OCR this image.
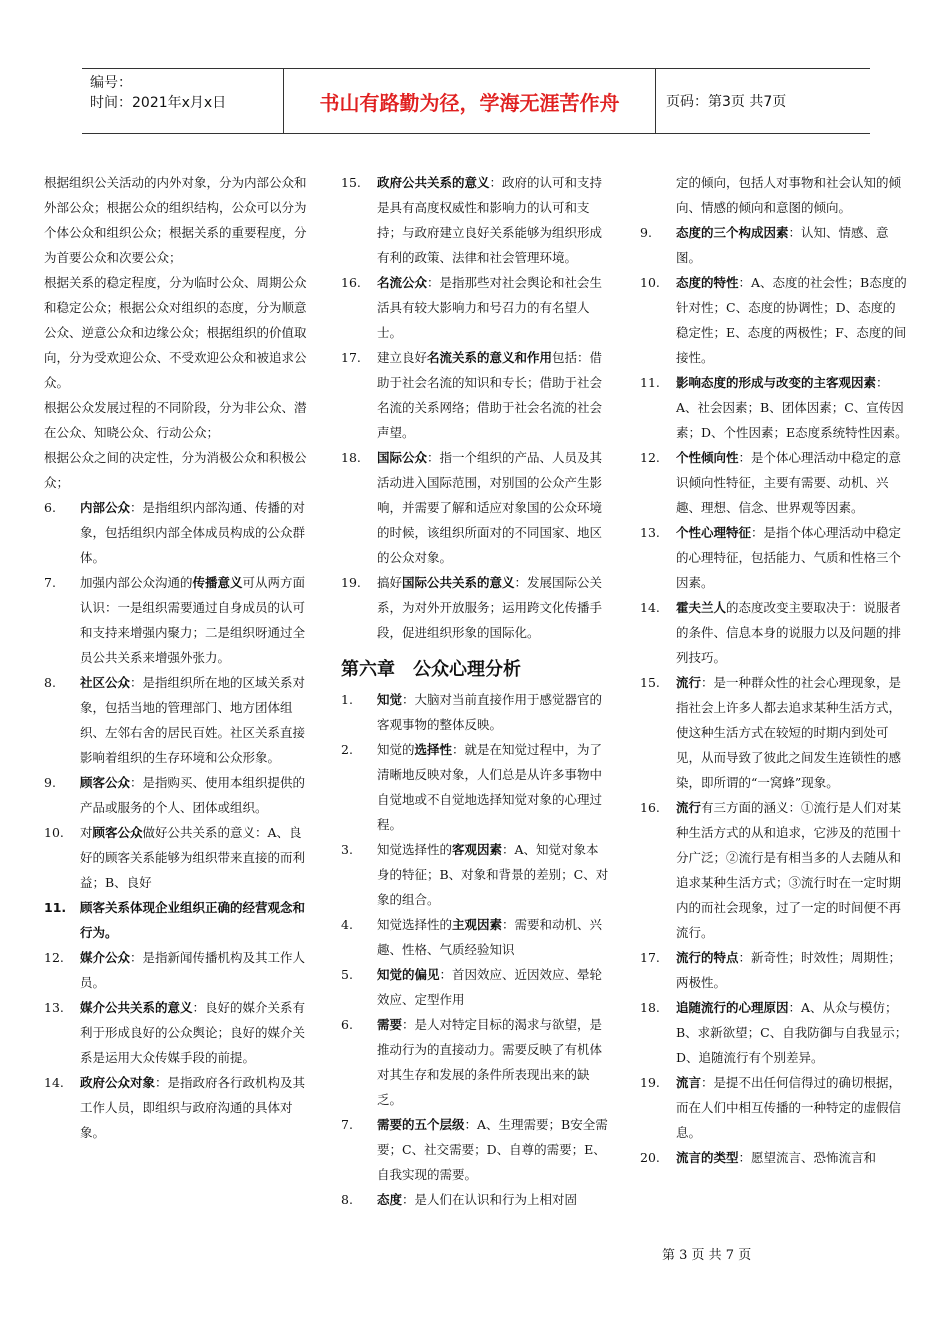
编号：
时间：2021年x月x日	书山有路勤为径，学海无涯苦作舟	页码：第3页 共7页

根据组织公关活动的内外对象，分为内部公众和外部公众；根据公众的组织结构，公众可以分为个体公众和组织公众；根据关系的重要程度，分为首要公众和次要公众；

根据关系的稳定程度，分为临时公众、周期公众和稳定公众；根据公众对组织的态度，分为顺意公众、逆意公众和边缘公众；根据组织的价值取向，分为受欢迎公众、不受欢迎公众和被追求公众。

根据公众发展过程的不同阶段，分为非公众、潜在公众、知晓公众、行动公众；

根据公众之间的决定性，分为消极公众和积极公众；

6.	内部公众：是指组织内部沟通、传播的对象，包括组织内部全体成员构成的公众群体。
7.	加强内部公众沟通的传播意义可从两方面认识：一是组织需要通过自身成员的认可和支持来增强内聚力；二是组织呀通过全员公共关系来增强外张力。
8.	社区公众：是指组织所在地的区域关系对象，包括当地的管理部门、地方团体组织、左邻右舍的居民百姓。社区关系直接影响着组织的生存环境和公众形象。
9.	顾客公众：是指购买、使用本组织提供的产品或服务的个人、团体或组织。
10.	对顾客公众做好公共关系的意义：A、良好的顾客关系能够为组织带来直接的而利益；B、良好
11.	顾客关系体现企业组织正确的经营观念和行为。
12.	媒介公众：是指新闻传播机构及其工作人员。
13.	媒介公共关系的意义：良好的媒介关系有利于形成良好的公众舆论；良好的媒介关系是运用大众传媒手段的前提。
14.	政府公众对象：是指政府各行政机构及其工作人员，即组织与政府沟通的具体对象。
15.	政府公共关系的意义：政府的认可和支持是具有高度权威性和影响力的认可和支持；与政府建立良好关系能够为组织形成有利的政策、法律和社会管理环境。
16.	名流公众：是指那些对社会舆论和社会生活具有较大影响力和号召力的有名望人士。
17.	建立良好名流关系的意义和作用包括：借助于社会名流的知识和专长；借助于社会名流的关系网络；借助于社会名流的社会声望。
18.	国际公众：指一个组织的产品、人员及其活动进入国际范围，对别国的公众产生影响，并需要了解和适应对象国的公众环境的时候，该组织所面对的不同国家、地区的公众对象。
19.	搞好国际公共关系的意义：发展国际公关系，为对外开放服务；运用跨文化传播手段，促进组织形象的国际化。
第六章　公众心理分析
1.	知觉：大脑对当前直接作用于感觉器官的客观事物的整体反映。
2.	知觉的选择性：就是在知觉过程中，为了清晰地反映对象，人们总是从许多事物中自觉地或不自觉地选择知觉对象的心理过程。
3.	知觉选择性的客观因素：A、知觉对象本身的特征；B、对象和背景的差别；C、对象的组合。
4.	知觉选择性的主观因素：需要和动机、兴趣、性格、气质经验知识
5.	知觉的偏见：首因效应、近因效应、晕轮效应、定型作用
6.	需要：是人对特定目标的渴求与欲望，是推动行为的直接动力。需要反映了有机体对其生存和发展的条件所表现出来的缺乏。
7.	需要的五个层级：A、生理需要；B安全需要；C、社交需要；D、自尊的需要；E、自我实现的需要。
8.	态度：是人们在认识和行为上相对固
定的倾向，包括人对事物和社会认知的倾向、情感的倾向和意图的倾向。
9.	态度的三个构成因素：认知、情感、意图。
10.	态度的特性：A、态度的社会性；B态度的针对性；C、态度的协调性；D、态度的稳定性；E、态度的两极性；F、态度的间接性。
11.	影响态度的形成与改变的主客观因素：A、社会因素；B、团体因素；C、宣传因素；D、个性因素；E态度系统特性因素。
12.	个性倾向性：是个体心理活动中稳定的意识倾向性特征，主要有需要、动机、兴趣、理想、信念、世界观等因素。
13.	个性心理特征：是指个体心理活动中稳定的心理特征，包括能力、气质和性格三个因素。
14.	霍夫兰人的态度改变主要取决于：说服者的条件、信息本身的说服力以及问题的排列技巧。
15.	流行：是一种群众性的社会心理现象，是指社会上许多人都去追求某种生活方式，使这种生活方式在较短的时期内到处可见，从而导致了彼此之间发生连锁性的感染，即所谓的“一窝蜂”现象。
16.	流行有三方面的涵义：①流行是人们对某种生活方式的从和追求，它涉及的范围十分广泛；②流行是有相当多的人去随从和追求某种生活方式；③流行时在一定时期内的而社会现象，过了一定的时间便不再流行。
17.	流行的特点：新奇性；时效性；周期性；两极性。
18.	追随流行的心理原因：A、从众与模仿；B、求新欲望；C、自我防御与自我显示；D、追随流行有个别差异。
19.	流言：是提不出任何信得过的确切根据，而在人们中相互传播的一种特定的虚假信息。
20.	流言的类型：愿望流言、恐怖流言和
第 3 页 共 7 页
